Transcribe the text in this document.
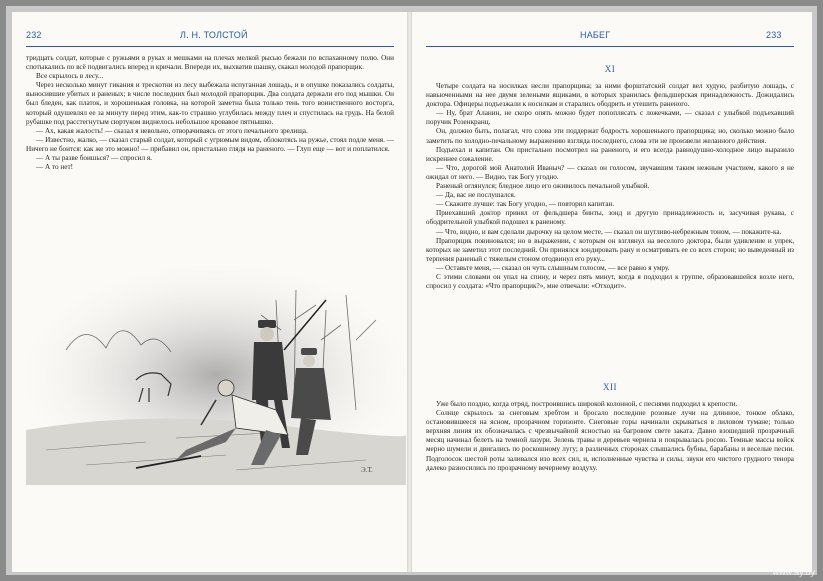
232	Л. Н. ТОЛСТОЙ

тридцать солдат, которые с ружьями в руках и мешками на плечах мелкой рысью бежали по вспаханному полю. Они спотыкались по всё подвигались вперед и кричали. Впереди их, выхватив шашку, скакал молодой прапорщик.

Все скрылось в лесу...

Через несколько минут гикания и трескотни из лесу выбежала испуганная лошадь, и в опушке показались солдаты, выносившие убитых и раненых; в числе последних был молодой прапорщик. Два солдата держали его под мышки. Он был бледен, как платок, и хорошенькая головка, на которой заметна была только тень того воинственного восторга, который одушевлял ее за минуту перед этим, как-то страшно углубилась между плеч и спустилась на грудь. На белой рубашке под расстегнутым сюртуком виднелось небольшое кровавое пятнышко.

— Ах, какая жалость! — сказал я невольно, отворачиваясь от этого печального зрелища.

— Известно, жалко, — сказал старый солдат, который с угрюмым видом, облокотясь на ружье, стоял подле меня. — Ничего не боится: как же это можно! — прибавил он, пристально глядя на раненого. — Глуп еще — вот и поплатился.

— А ты разве боишься? — спросил я.

— А то нет!

Э.Т.
НАБЕГ	233
XI

Четыре солдата на носилках несли прапорщика; за ними форштатский солдат вел худую, разбитую лошадь, с навьюченными на нее двумя зелеными ящиками, в которых хранилась фельдшерская принадлежность. Дожидались доктора. Офицеры подъезжали к носилкам и старались ободрить и утешить раненого.

— Ну, брат Аланин, не скоро опять можно будет попоплясать с ложечками, — сказал с улыбкой подъехавший поручик Розенкранц.

Он, должно быть, полагал, что слова эти поддержат бодрость хорошенького прапорщика; но, сколько можно было заметить по холодно-печальному выражению взгляда последнего, слова эти не произвели желанного действия.

Подъехал и капитан. Он пристально посмотрел на раненого, и его всегда равнодушно-холодное лицо выразило искреннее сожаление.

— Что, дорогой мой Анатолий Иваныч? — сказал он голосом, звучавшим таким нежным участием, какого я не ожидал от него. — Видно, так Богу угодно.

Раненый оглянулся; бледное лицо его оживилось печальной улыбкой.

— Да, вас не послушался.

— Скажите лучше: так Богу угодно, — повторил капитан.

Приехавший доктор принял от фельдшера бинты, зонд и другую принадлежность и, засучивая рукава, с ободрительной улыбкой подошел к раненому.

— Что, видно, и вам сделали дырочку на целом месте, — сказал он шутливо-небрежным тоном, — покажите-ка.

Прапорщик повиновался; но в выражении, с которым он взглянул на веселого доктора, были удивление и упрек, которых не заметил этот последний. Он принялся зондировать рану и осматривать ее со всех сторон; но выведенный из терпения раненый с тяжелым стоном отодвинул его руку...

— Оставьте меня, — сказал он чуть слышным голосом, — все равно я умру.

С этими словами он упал на спину, и через пять минут, когда я подходил к группе, образовавшейся возле него, спросил у солдата: «Что прапорщик?», мне отвечали: «Отходит».

XII

Уже было поздно, когда отряд, построившись широкой колонной, с песнями подходил к крепости.

Солнце скрылось за снеговым хребтом и бросало последние розовые лучи на длинное, тонкое облако, остановившееся на ясном, прозрачном горизонте. Снеговые горы начинали скрываться в лиловом тумане; только верхняя линия их обозначалась с чрезвычайной ясностью на багровом свете заката. Давно взошедший прозрачный месяц начинал белеть на темной лазури. Зелень травы и деревьев чернела и покрывалась росою. Темные массы войск мерно шумели и двигались по роскошному лугу; в различных сторонах слышались бубны, барабаны и веселые песни. Подголосок шестой роты заливался изо всех сил, и, исполненные чувства и силы, звуки его чистого грудного тенора далеко разносились по прозрачному вечернему воздуху.

www.ay.by
